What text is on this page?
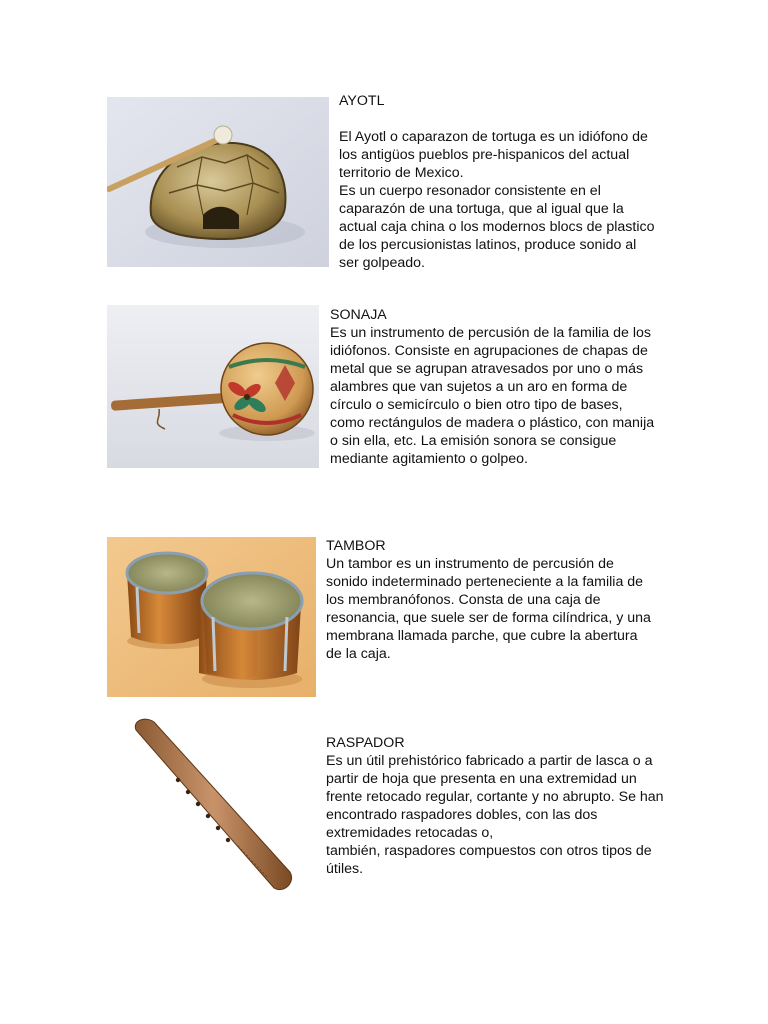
AYOTL

El Ayotl o caparazon de tortuga es un idiófono de los antigüos pueblos pre-hispanicos del actual territorio de Mexico.

Es un cuerpo resonador consistente en el caparazón de una tortuga, que al igual que la actual caja china o los modernos blocs de plastico de los percusionistas latinos, produce sonido al ser golpeado.

SONAJA

Es un instrumento de percusión de la familia de los idiófonos. Consiste en agrupaciones de chapas de metal que se agrupan atravesados por uno o más alambres que van sujetos a un aro en forma de círculo o semicírculo o bien otro tipo de bases, como rectángulos de madera o plástico, con manija o sin ella, etc. La emisión sonora se consigue mediante agitamiento o golpeo.

TAMBOR

Un tambor es un instrumento de percusión de sonido indeterminado perteneciente a la familia de los membranófonos. Consta de una caja de resonancia, que suele ser de forma cilíndrica, y una membrana llamada parche, que cubre la abertura de la caja.

RASPADOR

Es un útil prehistórico fabricado a partir de lasca o a partir de hoja que presenta en una extremidad un frente retocado regular, cortante y no abrupto. Se han encontrado raspadores dobles, con las dos extremidades retocadas o,

también, raspadores compuestos con otros tipos de útiles.
